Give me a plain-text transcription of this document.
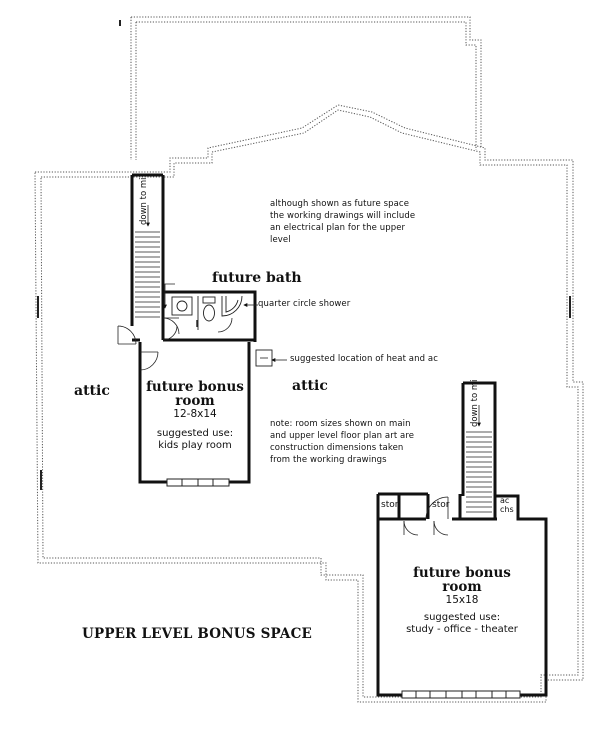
down to mi
down to mi
although shown as future space
the working drawings will include
an electrical plan for the upper
level
future bath
quarter circle shower
suggested location of heat and ac
attic	attic
future bonus
room
12-8x14
suggested use:
kids play room
note: room sizes shown on main
and upper level floor plan art are
construction dimensions taken
from the working drawings
stor	stor	ac
chs
future bonus
room
15x18
suggested use:
study - office - theater
UPPER LEVEL BONUS SPACE
